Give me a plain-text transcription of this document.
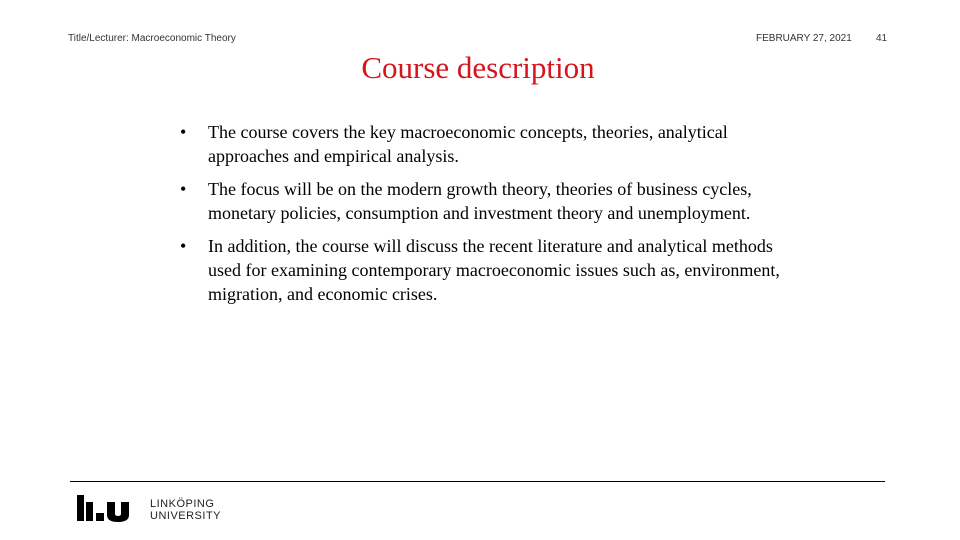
Title/Lecturer: Macroeconomic Theory	FEBRUARY 27, 2021 41
Course description
• The course covers the key macroeconomic concepts, theories, analytical approaches and empirical analysis.
• The focus will be on the modern growth theory, theories of business cycles, monetary policies, consumption and investment theory and unemployment.
• In addition, the course will discuss the recent literature and analytical methods used for examining contemporary macroeconomic issues such as, environment, migration, and economic crises.
LINKÖPING
UNIVERSITY
